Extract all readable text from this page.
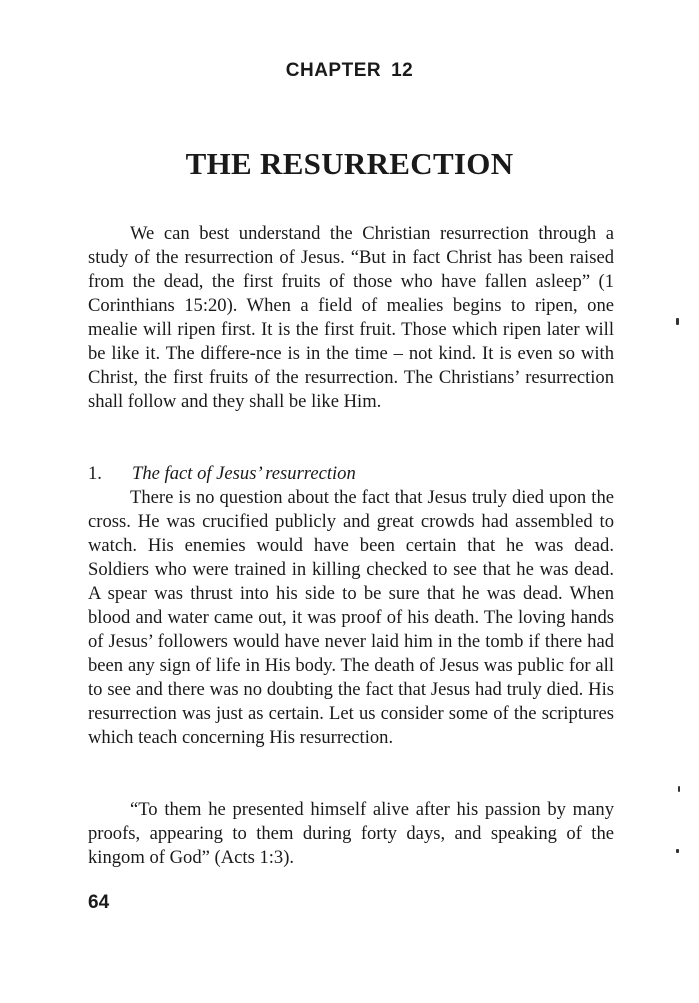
CHAPTER 12
THE RESURRECTION

We can best understand the Christian resurrection through a study of the resurrection of Jesus. “But in fact Christ has been raised from the dead, the first fruits of those who have fallen asleep” (1 Corinthians 15:20). When a field of mealies begins to ripen, one mealie will ripen first. It is the first fruit. Those which ripen later will be like it. The differe-nce is in the time – not kind. It is even so with Christ, the first fruits of the resurrection. The Christians’ resurrection shall follow and they shall be like Him.

1. The fact of Jesus’ resurrection

There is no question about the fact that Jesus truly died upon the cross. He was crucified publicly and great crowds had assembled to watch. His enemies would have been certain that he was dead. Soldiers who were trained in killing checked to see that he was dead. A spear was thrust into his side to be sure that he was dead. When blood and water came out, it was proof of his death. The loving hands of Jesus’ followers would have never laid him in the tomb if there had been any sign of life in His body. The death of Jesus was public for all to see and there was no doubting the fact that Jesus had truly died. His resurrection was just as certain. Let us consider some of the scriptures which teach concerning His resurrection.

“To them he presented himself alive after his passion by many proofs, appearing to them during forty days, and speaking of the kingom of God” (Acts 1:3).

64
